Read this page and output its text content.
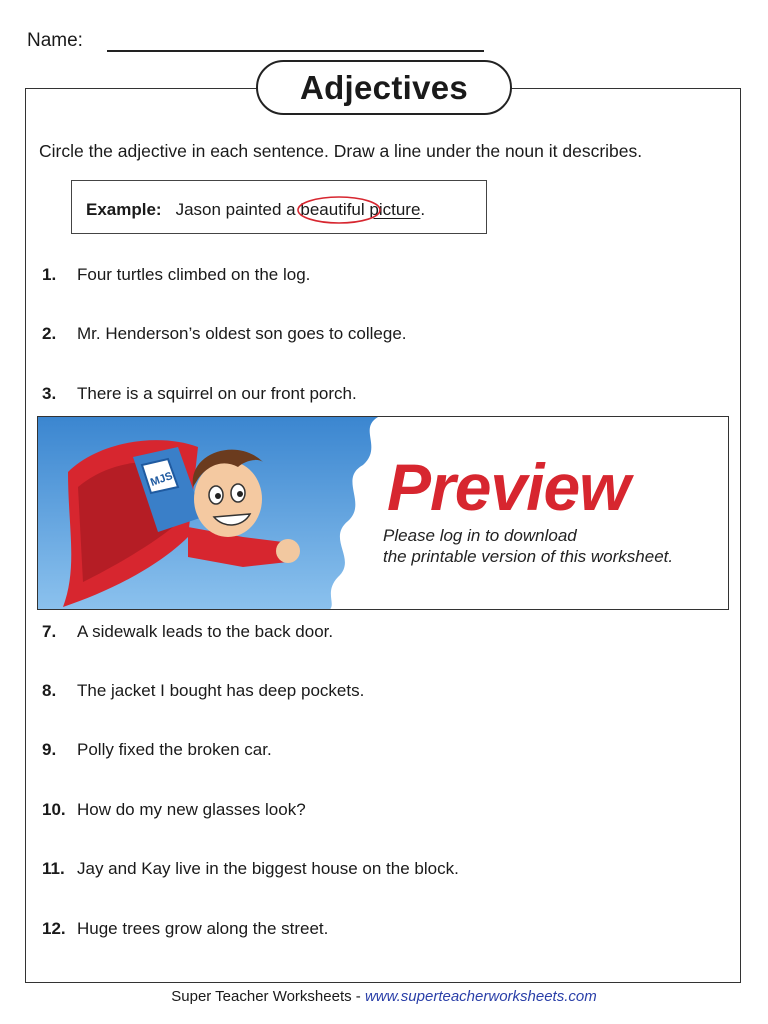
Name:
Adjectives
Circle the adjective in each sentence. Draw a line under the noun it describes.
Example: Jason painted a beautiful picture.
1. Four turtles climbed on the log.
2. Mr. Henderson’s oldest son goes to college.
3. There is a squirrel on our front porch.
MJS	Preview
Please log in to download
the printable version of this worksheet.
7. A sidewalk leads to the back door.
8. The jacket I bought has deep pockets.
9. Polly fixed the broken car.
10. How do my new glasses look?
11. Jay and Kay live in the biggest house on the block.
12. Huge trees grow along the street.
Super Teacher Worksheets - www.superteacherworksheets.com
